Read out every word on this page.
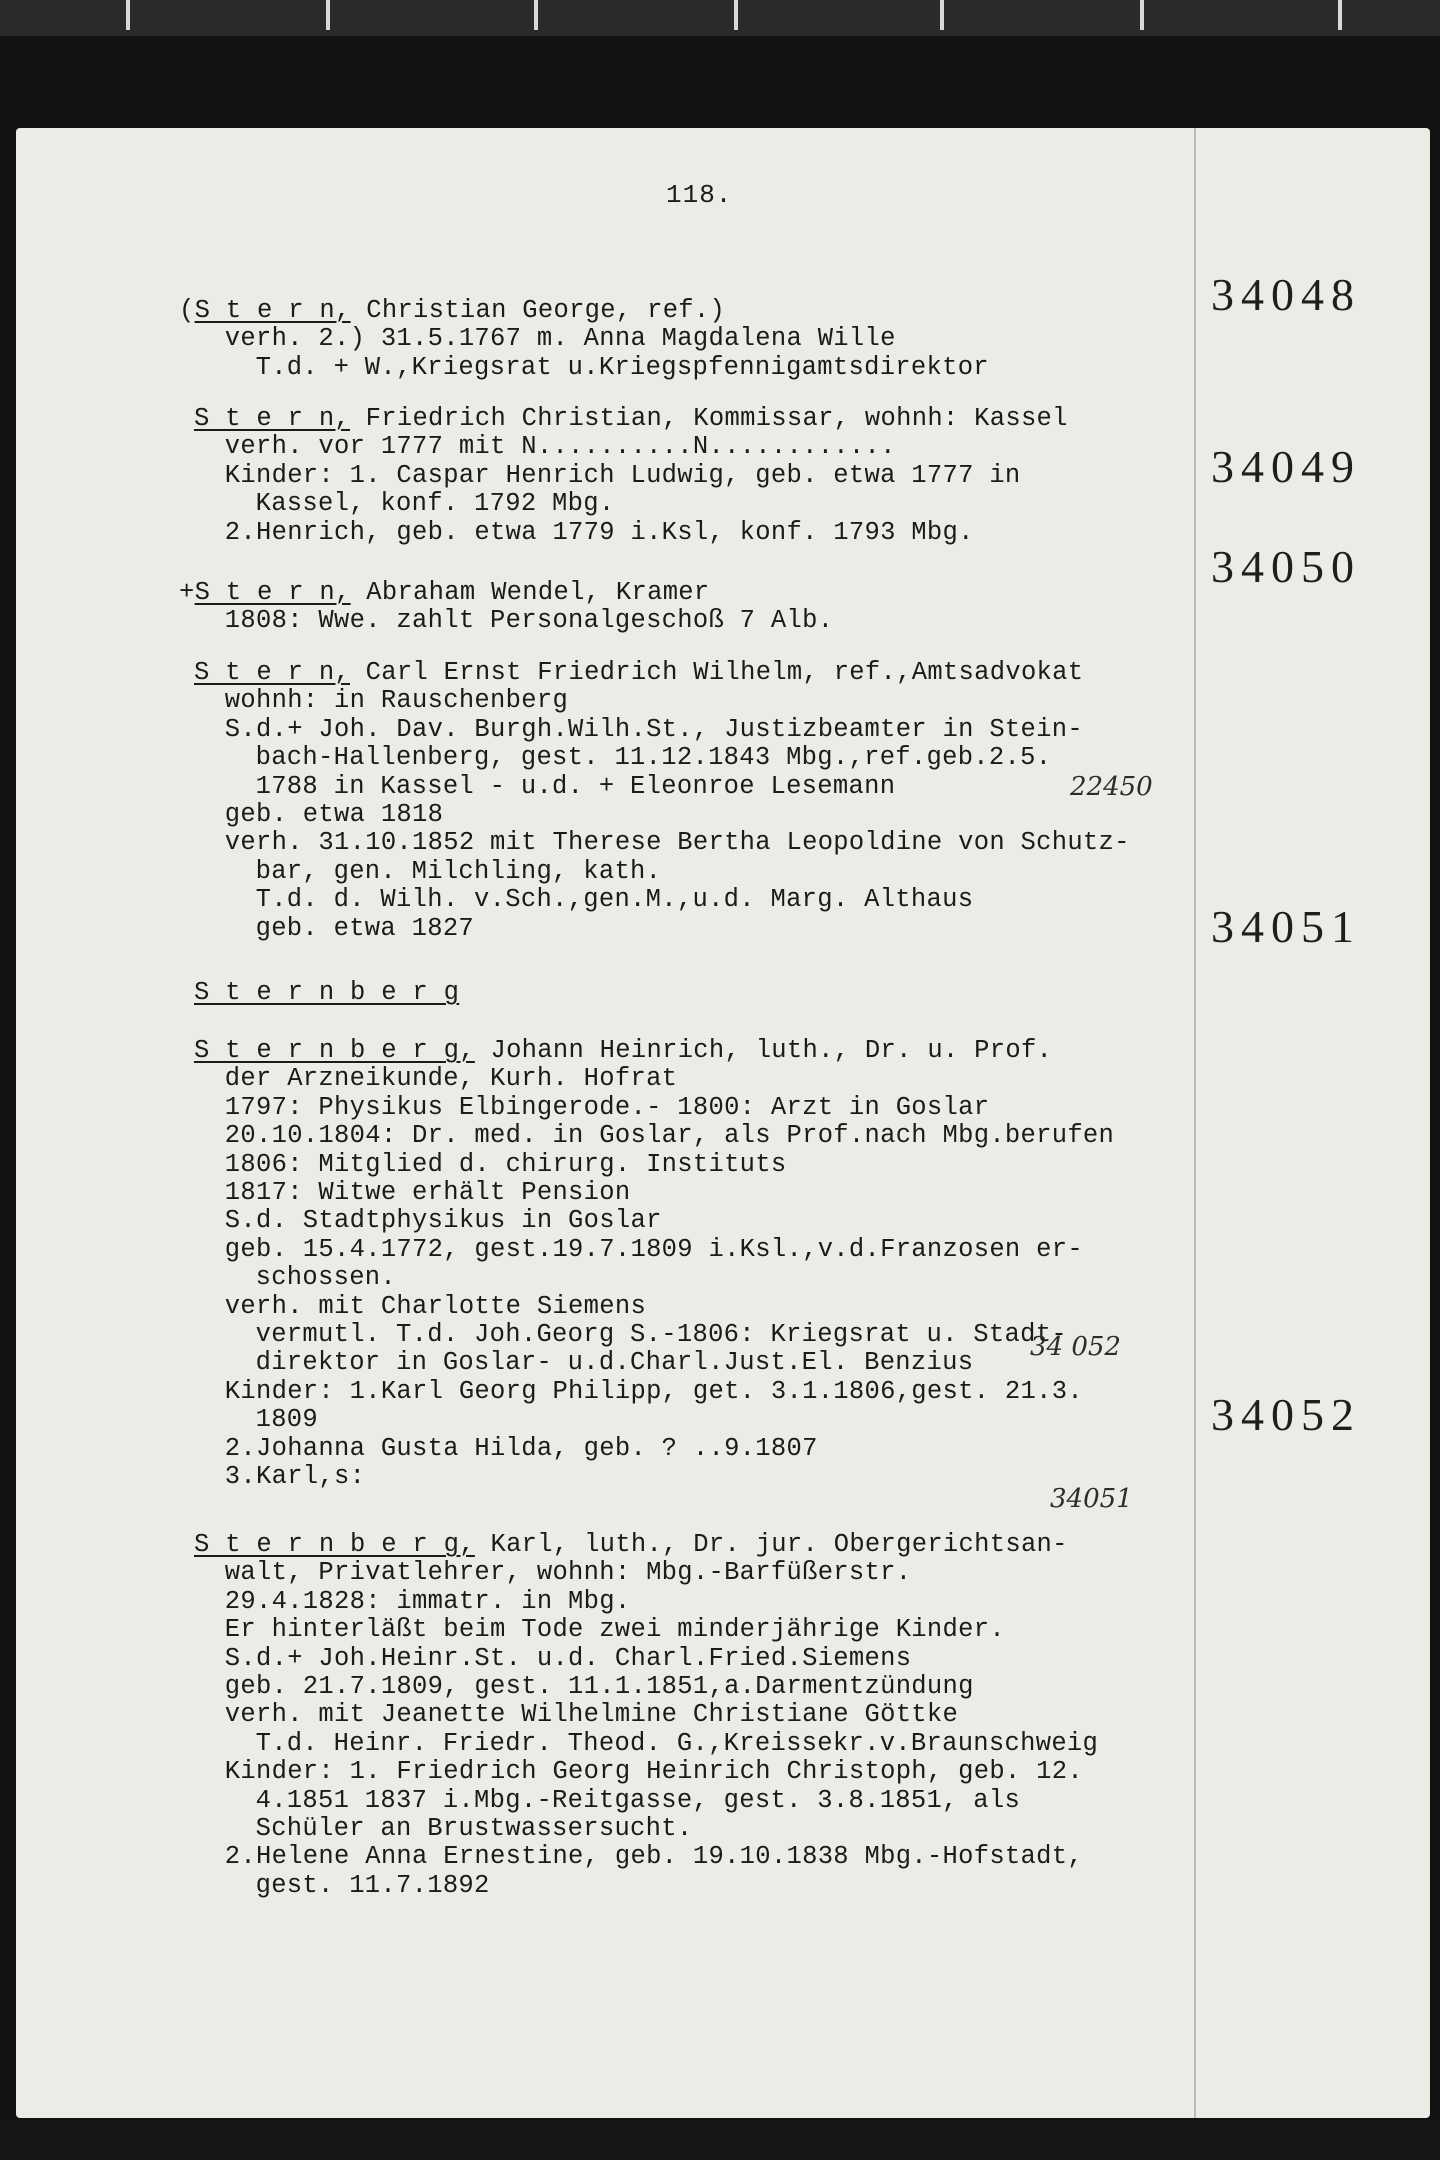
118.
(S t e r n, Christian George, ref.)
verh. 2.) 31.5.1767 m. Anna Magdalena Wille
T.d. + W.,Kriegsrat u.Kriegspfennigamtsdirektor
S t e r n, Friedrich Christian, Kommissar, wohnh: Kassel
verh. vor 1777 mit N..........N............
Kinder: 1. Caspar Henrich Ludwig, geb. etwa 1777 in
Kassel, konf. 1792 Mbg.
2.Henrich, geb. etwa 1779 i.Ksl, konf. 1793 Mbg.
34048
+S t e r n, Abraham Wendel, Kramer
1808: Wwe. zahlt Personalgeschoß 7 Alb.
34049
S t e r n, Carl Ernst Friedrich Wilhelm, ref.,Amtsadvokat
wohnh: in Rauschenberg
S.d.+ Joh. Dav. Burgh.Wilh.St., Justizbeamter in Stein-
bach-Hallenberg, gest. 11.12.1843 Mbg.,ref.geb.2.5.
1788 in Kassel - u.d. + Eleonroe Lesemann
geb. etwa 1818
verh. 31.10.1852 mit Therese Bertha Leopoldine von Schutz-
bar, gen. Milchling, kath.
T.d. d. Wilh. v.Sch.,gen.M.,u.d. Marg. Althaus
geb. etwa 1827
34050
22450
S t e r n b e r g
S t e r n b e r g, Johann Heinrich, luth., Dr. u. Prof.
der Arzneikunde, Kurh. Hofrat
1797: Physikus Elbingerode.- 1800: Arzt in Goslar
20.10.1804: Dr. med. in Goslar, als Prof.nach Mbg.berufen
1806: Mitglied d. chirurg. Instituts
1817: Witwe erhält Pension
S.d. Stadtphysikus in Goslar
geb. 15.4.1772, gest.19.7.1809 i.Ksl.,v.d.Franzosen er-
schossen.
verh. mit Charlotte Siemens
vermutl. T.d. Joh.Georg S.-1806: Kriegsrat u. Stadt-
direktor in Goslar- u.d.Charl.Just.El. Benzius
Kinder: 1.Karl Georg Philipp, get. 3.1.1806,gest. 21.3.
1809
2.Johanna Gusta Hilda, geb. ? ..9.1807
3.Karl,s:
34051
34 052
S t e r n b e r g, Karl, luth., Dr. jur. Obergerichtsan-
walt, Privatlehrer, wohnh: Mbg.-Barfüßerstr.
29.4.1828: immatr. in Mbg.
Er hinterläßt beim Tode zwei minderjährige Kinder.
S.d.+ Joh.Heinr.St. u.d. Charl.Fried.Siemens
geb. 21.7.1809, gest. 11.1.1851,a.Darmentzündung
verh. mit Jeanette Wilhelmine Christiane Göttke
T.d. Heinr. Friedr. Theod. G.,Kreissekr.v.Braunschweig
Kinder: 1. Friedrich Georg Heinrich Christoph, geb. 12.
4.1851 1837 i.Mbg.-Reitgasse, gest. 3.8.1851, als
Schüler an Brustwassersucht.
2.Helene Anna Ernestine, geb. 19.10.1838 Mbg.-Hofstadt,
gest. 11.7.1892
34052
34051
